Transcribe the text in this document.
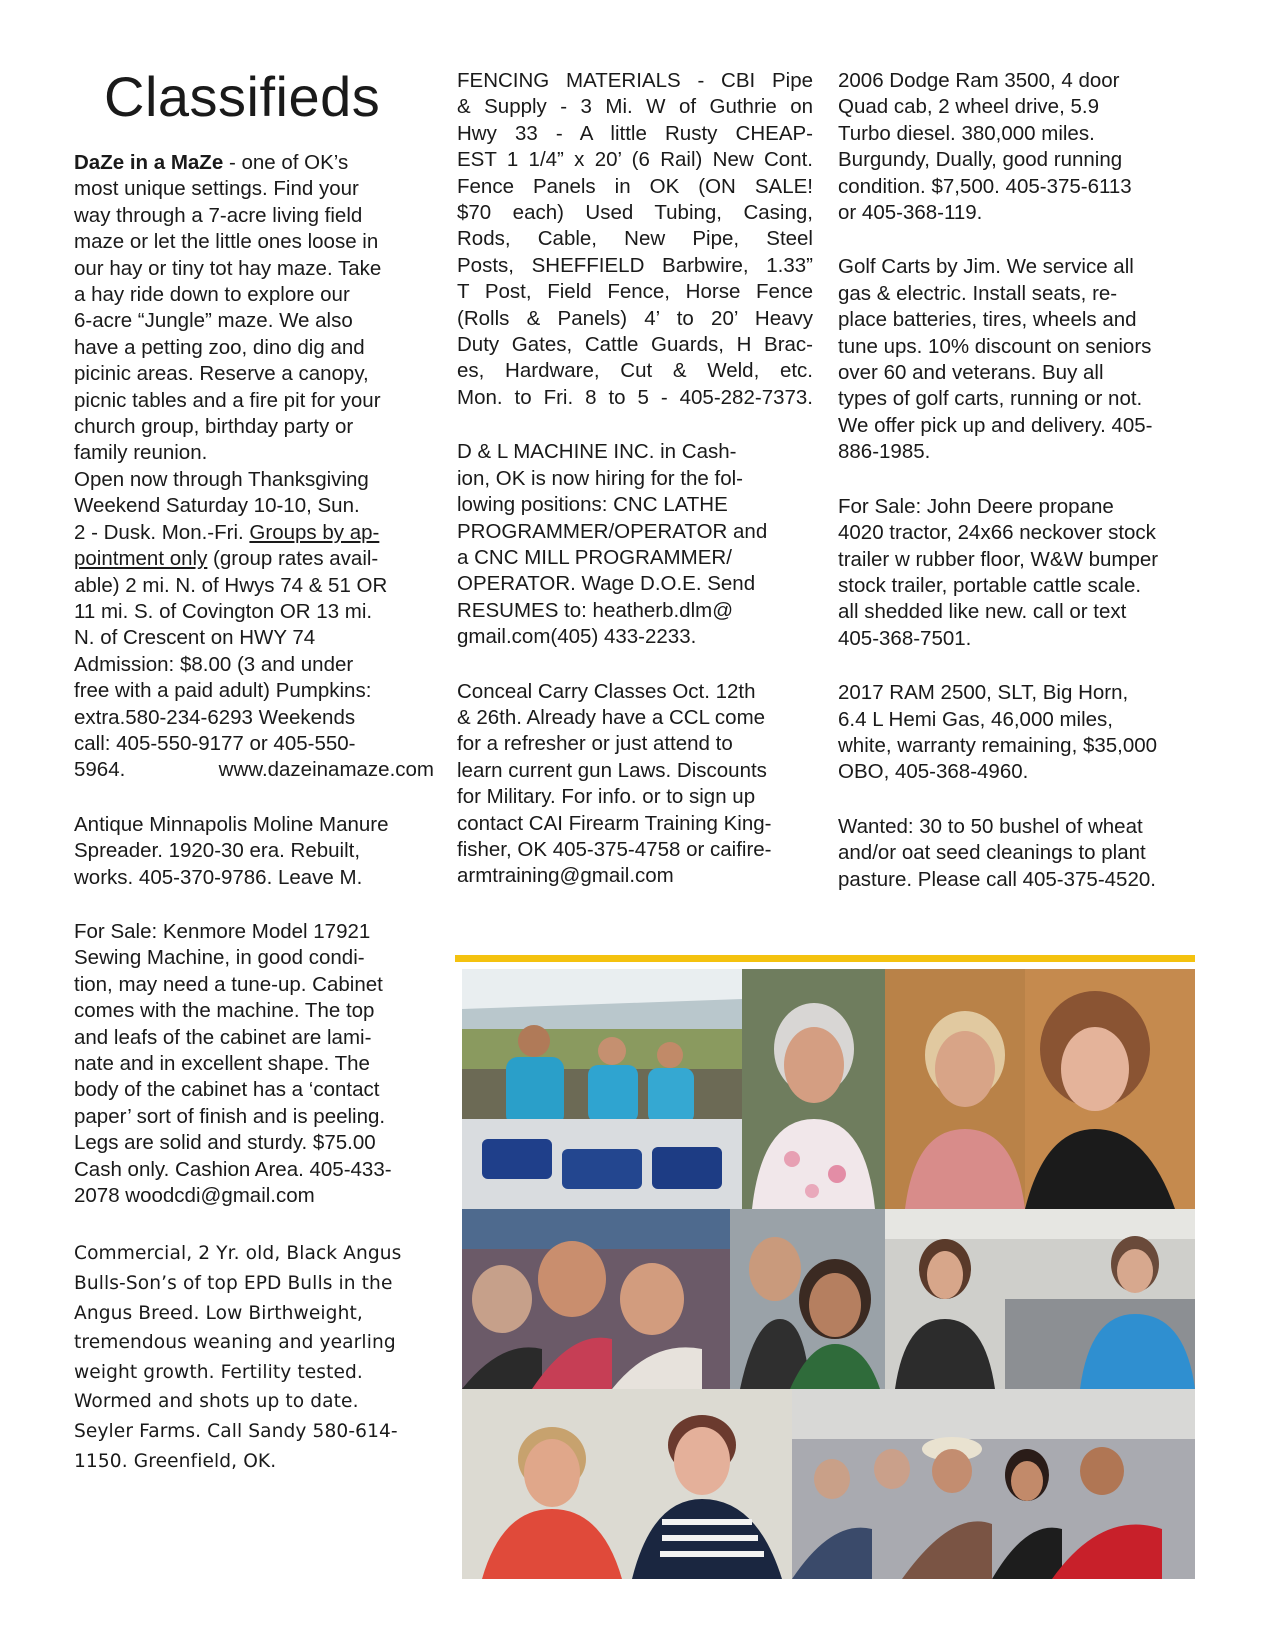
Classifieds

DaZe in a MaZe - one of OK’s

most unique settings. Find your

way through a 7-acre living field

maze or let the little ones loose in

our hay or tiny tot hay maze. Take

a hay ride down to explore our

6-acre “Jungle” maze. We also

have a petting zoo, dino dig and

picinic areas. Reserve a canopy,

picnic tables and a fire pit for your

church group, birthday party or

family reunion.

Open now through Thanksgiving

Weekend Saturday 10-10, Sun.

2 - Dusk. Mon.-Fri. Groups by ap-

pointment only (group rates avail-

able) 2 mi. N. of Hwys 74 & 51 OR

11 mi. S. of Covington OR 13 mi.

N. of Crescent on HWY 74

Admission: $8.00 (3 and under

free with a paid adult) Pumpkins:

extra.580-234-6293 Weekends

call: 405-550-9177 or 405-550-

5964.	www.dazeinamaze.com

Antique Minnapolis Moline Manure

Spreader. 1920-30 era. Rebuilt,

works. 405-370-9786. Leave M.

For Sale: Kenmore Model 17921

Sewing Machine, in good condi-

tion, may need a tune-up. Cabinet

comes with the machine. The top

and leafs of the cabinet are lami-

nate and in excellent shape. The

body of the cabinet has a ‘contact

paper’ sort of finish and is peeling.

Legs are solid and sturdy. $75.00

Cash only. Cashion Area. 405-433-

2078 woodcdi@gmail.com

Commercial, 2 Yr. old, Black Angus

Bulls-Son’s of top EPD Bulls in the

Angus Breed. Low Birthweight,

tremendous weaning and yearling

weight growth. Fertility tested.

Wormed and shots up to date.

Seyler Farms. Call Sandy 580-614-

1150. Greenfield, OK.

FENCING MATERIALS - CBI Pipe

& Supply - 3 Mi. W of Guthrie on

Hwy 33 - A little Rusty CHEAP-

EST 1 1/4” x 20’ (6 Rail) New Cont.

Fence Panels in OK (ON SALE!

$70 each) Used Tubing, Casing,

Rods, Cable, New Pipe, Steel

Posts, SHEFFIELD Barbwire, 1.33”

T Post, Field Fence, Horse Fence

(Rolls & Panels) 4’ to 20’ Heavy

Duty Gates, Cattle Guards, H Brac-

es, Hardware, Cut & Weld, etc.

Mon. to Fri. 8 to 5 - 405-282-7373.

D & L MACHINE INC. in Cash-

ion, OK is now hiring for the fol-

lowing positions: CNC LATHE

PROGRAMMER/OPERATOR and

a CNC MILL PROGRAMMER/

OPERATOR. Wage D.O.E. Send

RESUMES to: heatherb.dlm@

gmail.com(405) 433-2233.

Conceal Carry Classes Oct. 12th

& 26th. Already have a CCL come

for a refresher or just attend to

learn current gun Laws. Discounts

for Military. For info. or to sign up

contact CAI Firearm Training King-

fisher, OK 405-375-4758 or caifire-

armtraining@gmail.com

2006 Dodge Ram 3500, 4 door

Quad cab, 2 wheel drive, 5.9

Turbo diesel. 380,000 miles.

Burgundy, Dually, good running

condition. $7,500. 405-375-6113

or 405-368-119.

Golf Carts by Jim. We service all

gas & electric. Install seats, re-

place batteries, tires, wheels and

tune ups. 10% discount on seniors

over 60 and veterans. Buy all

types of golf carts, running or not.

We offer pick up and delivery. 405-

886-1985.

For Sale: John Deere propane

4020 tractor, 24x66 neckover stock

trailer w rubber floor, W&W bumper

stock trailer, portable cattle scale.

all shedded like new. call or text

405-368-7501.

2017 RAM 2500, SLT, Big Horn,

6.4 L Hemi Gas, 46,000 miles,

white, warranty remaining, $35,000

OBO, 405-368-4960.

Wanted: 30 to 50 bushel of wheat

and/or oat seed cleanings to plant

pasture. Please call 405-375-4520.
